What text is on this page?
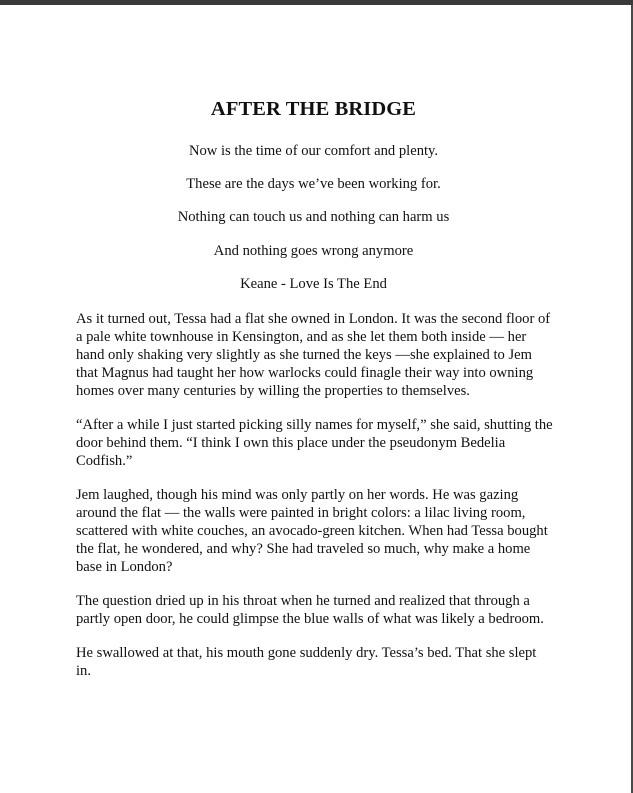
AFTER THE BRIDGE

Now is the time of our comfort and plenty.

These are the days we’ve been working for.

Nothing can touch us and nothing can harm us

And nothing goes wrong anymore

Keane - Love Is The End

As it turned out, Tessa had a flat she owned in London. It was the second floor of a pale white townhouse in Kensington, and as she let them both inside — her hand only shaking very slightly as she turned the keys —she explained to Jem that Magnus had taught her how warlocks could finagle their way into owning homes over many centuries by willing the properties to themselves.

“After a while I just started picking silly names for myself,” she said, shutting the door behind them. “I think I own this place under the pseudonym Bedelia Codfish.”

Jem laughed, though his mind was only partly on her words. He was gazing around the flat — the walls were painted in bright colors: a lilac living room, scattered with white couches, an avocado-green kitchen. When had Tessa bought the flat, he wondered, and why? She had traveled so much, why make a home base in London?

The question dried up in his throat when he turned and realized that through a partly open door, he could glimpse the blue walls of what was likely a bedroom.

He swallowed at that, his mouth gone suddenly dry. Tessa’s bed. That she slept in.
